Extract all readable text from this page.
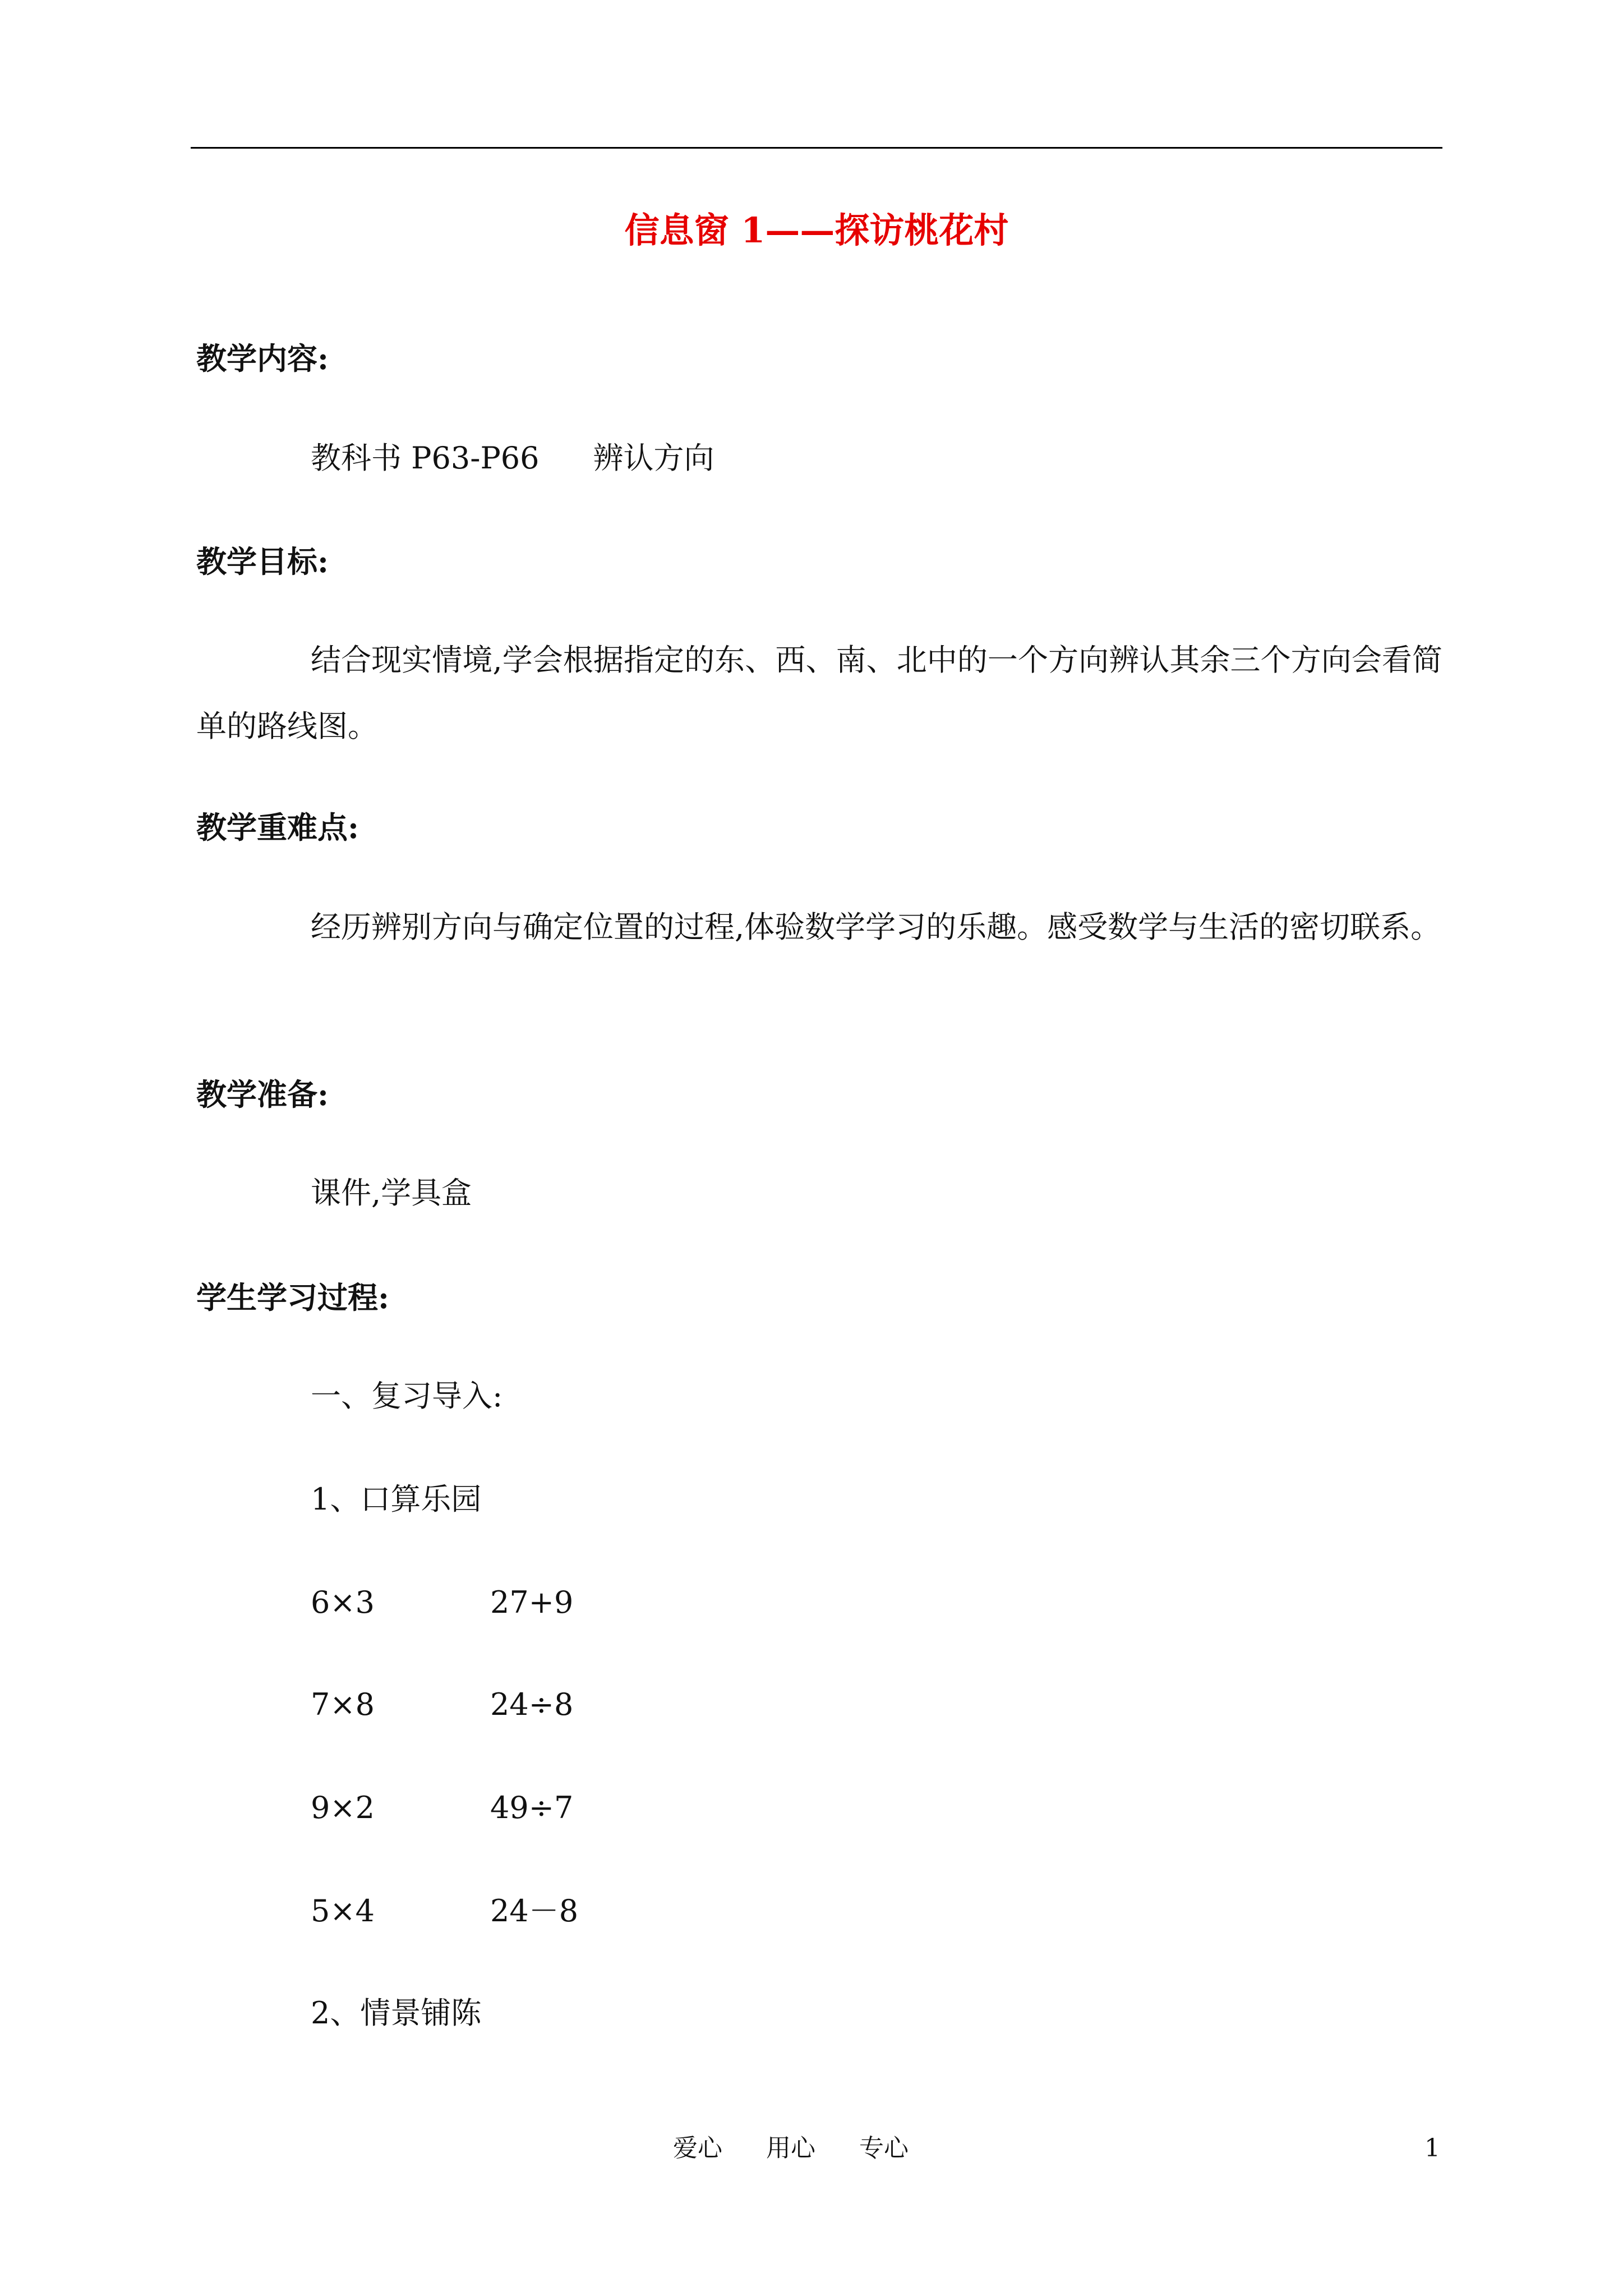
信息窗 1——探访桃花村
教学内容:
教科书 P63-P66 辨认方向
教学目标:
结合现实情境,学会根据指定的东、西、南、北中的一个方向辨认其余三个方向会看简单的路线图。
教学重难点:
经历辨别方向与确定位置的过程,体验数学学习的乐趣。感受数学与生活的密切联系。
教学准备:
课件,学具盒
学生学习过程:
一、复习导入:
1、口算乐园
6×3	27+9
7×8	24÷8
9×2	49÷7
5×4	24－8
2、情景铺陈
爱心 用心 专心	1
